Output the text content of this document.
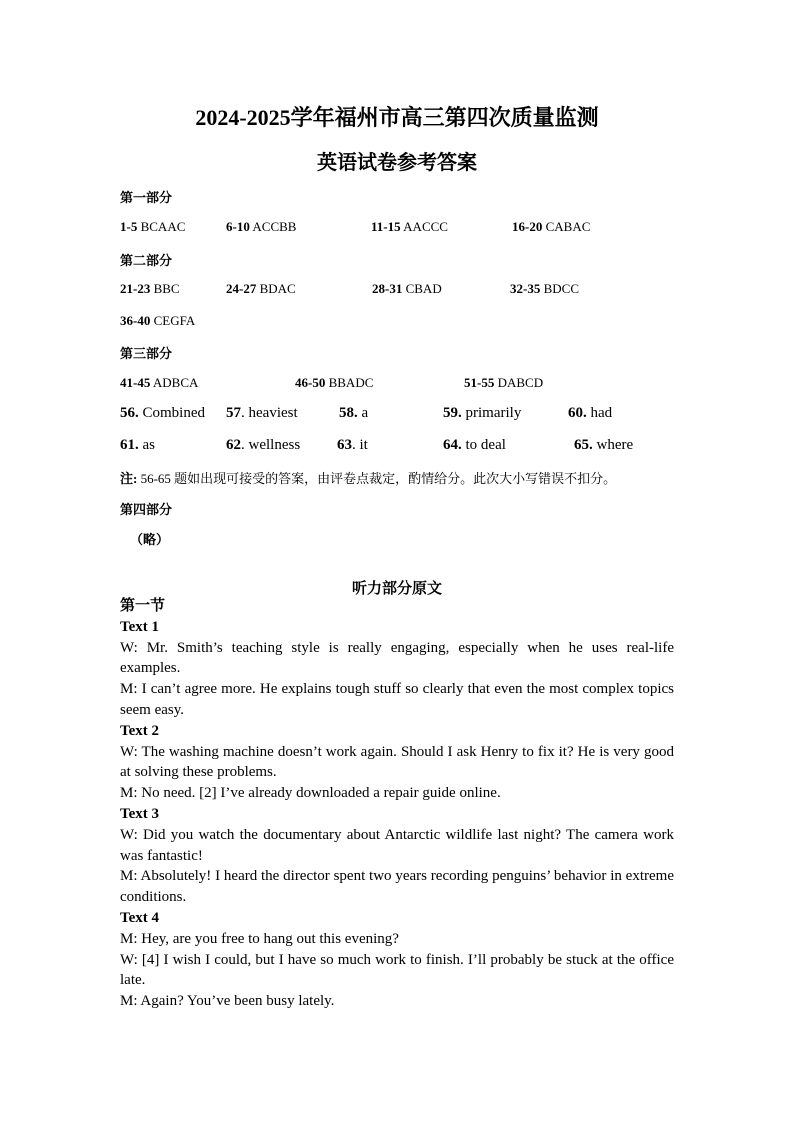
2024-2025学年福州市高三第四次质量监测
英语试卷参考答案

第一部分

1-5 BCAAC	6-10 ACCBB	11-15 AACCC	16-20 CABAC

第二部分

21-23 BBC	24-27 BDAC	28-31 CBAD	32-35 BDCC
36-40 CEGFA

第三部分

41-45 ADBCA	46-50 BBADC	51-55 DABCD
56. Combined 57. heaviest	58. a	59. primarily	60. had
61. as	62. wellness 63. it	64. to deal	65. where
注: 56-65 题如出现可接受的答案，由评卷点裁定，酌情给分。此次大小写错误不扣分。

第四部分

（略）
听力部分原文
第一节
Text 1
W: Mr. Smith’s teaching style is really engaging, especially when he uses real-life examples.
M: I can’t agree more. He explains tough stuff so clearly that even the most complex topics seem easy.
Text 2
W: The washing machine doesn’t work again. Should I ask Henry to fix it? He is very good at solving these problems.
M: No need. [2] I’ve already downloaded a repair guide online.
Text 3
W: Did you watch the documentary about Antarctic wildlife last night? The camera work was fantastic!
M: Absolutely! I heard the director spent two years recording penguins’ behavior in extreme conditions.
Text 4
M: Hey, are you free to hang out this evening?
W: [4] I wish I could, but I have so much work to finish. I’ll probably be stuck at the office late.
M: Again? You’ve been busy lately.
